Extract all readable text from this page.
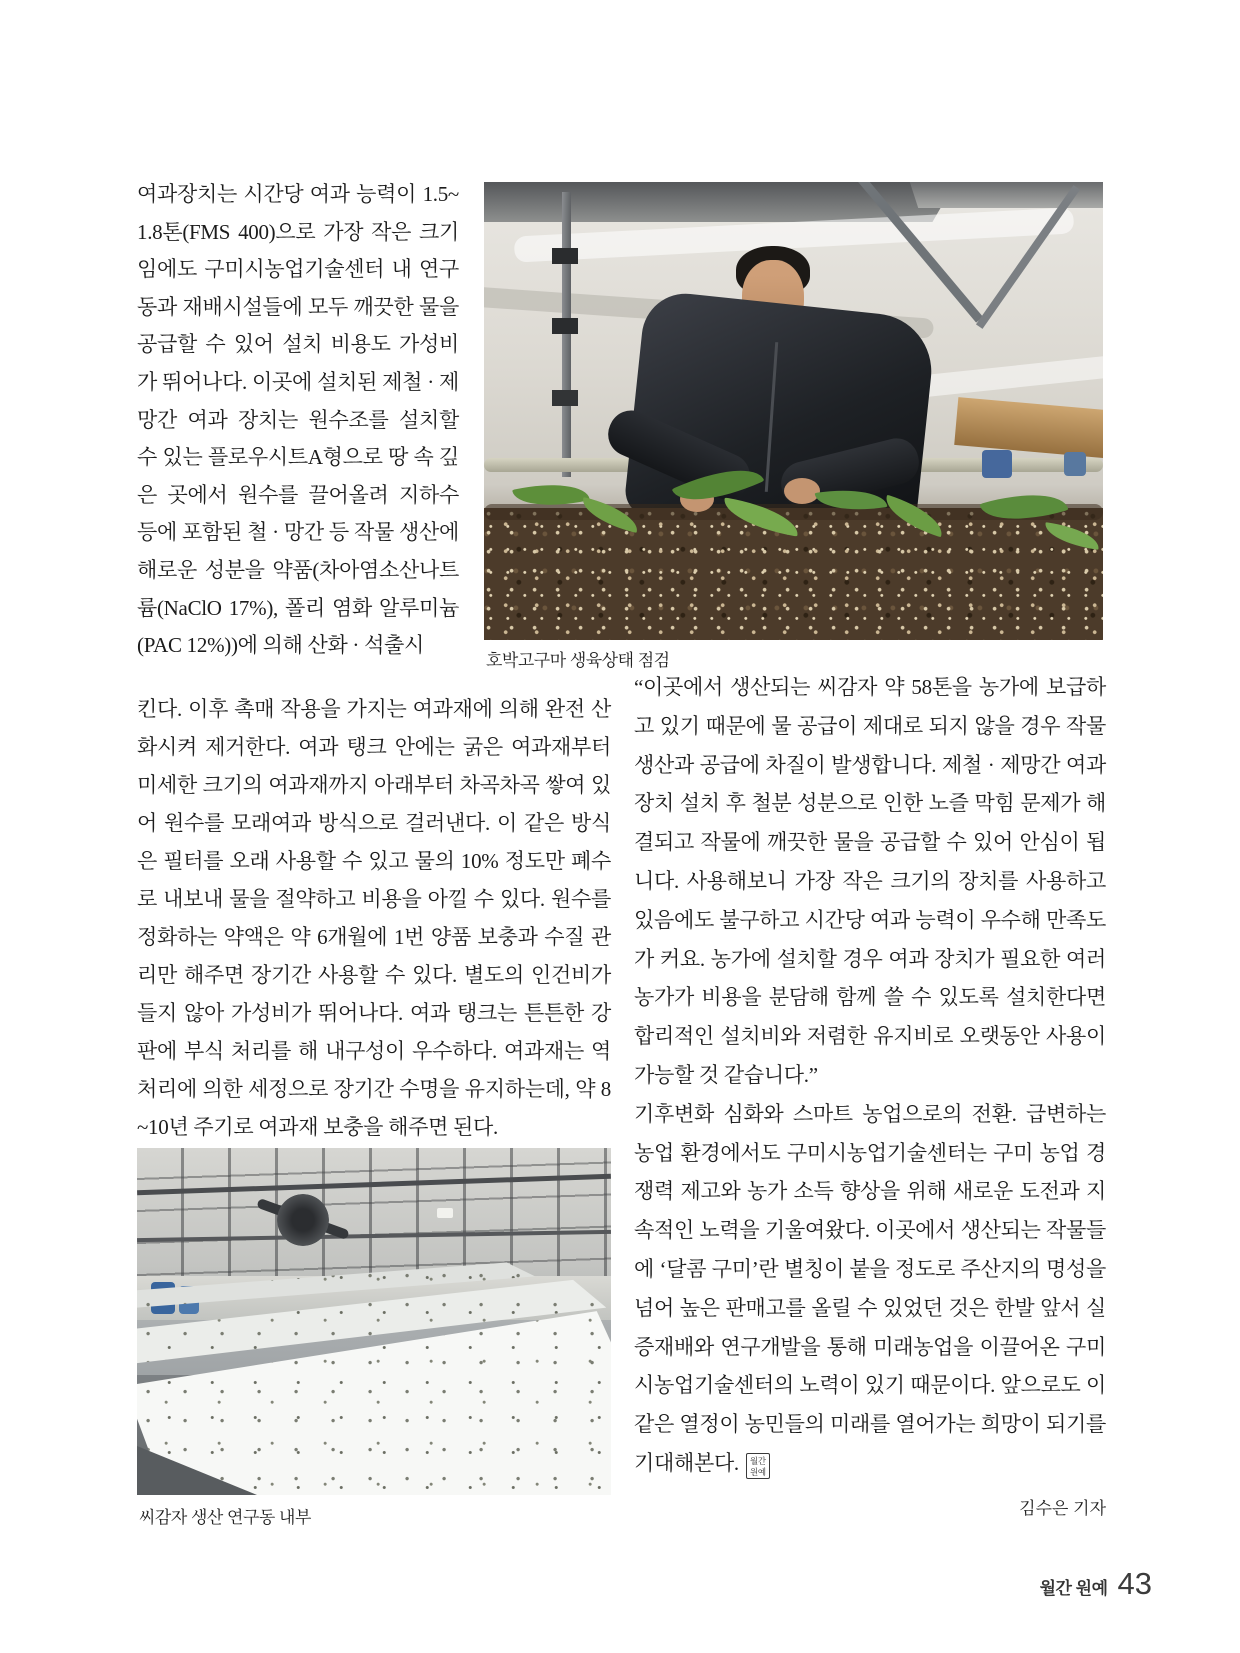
여과장치는 시간당 여과 능력이 1.5~1.8톤(FMS 400)으로 가장 작은 크기임에도 구미시농업기술센터 내 연구동과 재배시설들에 모두 깨끗한 물을 공급할 수 있어 설치 비용도 가성비가 뛰어나다. 이곳에 설치된 제철 · 제망간 여과 장치는 원수조를 설치할 수 있는 플로우시트A형으로 땅 속 깊은 곳에서 원수를 끌어올려 지하수 등에 포함된 철 · 망간 등 작물 생산에 해로운 성분을 약품(차아염소산나트륨(NaClO 17%), 폴리 염화 알루미늄(PAC 12%))에 의해 산화 · 석출시
호박고구마 생육상태 점검
킨다. 이후 촉매 작용을 가지는 여과재에 의해 완전 산화시켜 제거한다. 여과 탱크 안에는 굵은 여과재부터 미세한 크기의 여과재까지 아래부터 차곡차곡 쌓여 있어 원수를 모래여과 방식으로 걸러낸다. 이 같은 방식은 필터를 오래 사용할 수 있고 물의 10% 정도만 폐수로 내보내 물을 절약하고 비용을 아낄 수 있다. 원수를 정화하는 약액은 약 6개월에 1번 양품 보충과 수질 관리만 해주면 장기간 사용할 수 있다. 별도의 인건비가 들지 않아 가성비가 뛰어나다. 여과 탱크는 튼튼한 강판에 부식 처리를 해 내구성이 우수하다. 여과재는 역처리에 의한 세정으로 장기간 수명을 유지하는데, 약 8~10년 주기로 여과재 보충을 해주면 된다.

“이곳에서 생산되는 씨감자 약 58톤을 농가에 보급하고 있기 때문에 물 공급이 제대로 되지 않을 경우 작물 생산과 공급에 차질이 발생합니다. 제철 · 제망간 여과 장치 설치 후 철분 성분으로 인한 노즐 막힘 문제가 해결되고 작물에 깨끗한 물을 공급할 수 있어 안심이 됩니다. 사용해보니 가장 작은 크기의 장치를 사용하고 있음에도 불구하고 시간당 여과 능력이 우수해 만족도가 커요. 농가에 설치할 경우 여과 장치가 필요한 여러 농가가 비용을 분담해 함께 쓸 수 있도록 설치한다면 합리적인 설치비와 저렴한 유지비로 오랫동안 사용이 가능할 것 같습니다.”

기후변화 심화와 스마트 농업으로의 전환. 급변하는 농업 환경에서도 구미시농업기술센터는 구미 농업 경쟁력 제고와 농가 소득 향상을 위해 새로운 도전과 지속적인 노력을 기울여왔다. 이곳에서 생산되는 작물들에 ‘달콤 구미’란 별칭이 붙을 정도로 주산지의 명성을 넘어 높은 판매고를 올릴 수 있었던 것은 한발 앞서 실증재배와 연구개발을 통해 미래농업을 이끌어온 구미시농업기술센터의 노력이 있기 때문이다. 앞으로도 이같은 열정이 농민들의 미래를 열어가는 희망이 되기를 기대해본다.	월간
원예

김수은 기자
씨감자 생산 연구동 내부
월간 원예 43
